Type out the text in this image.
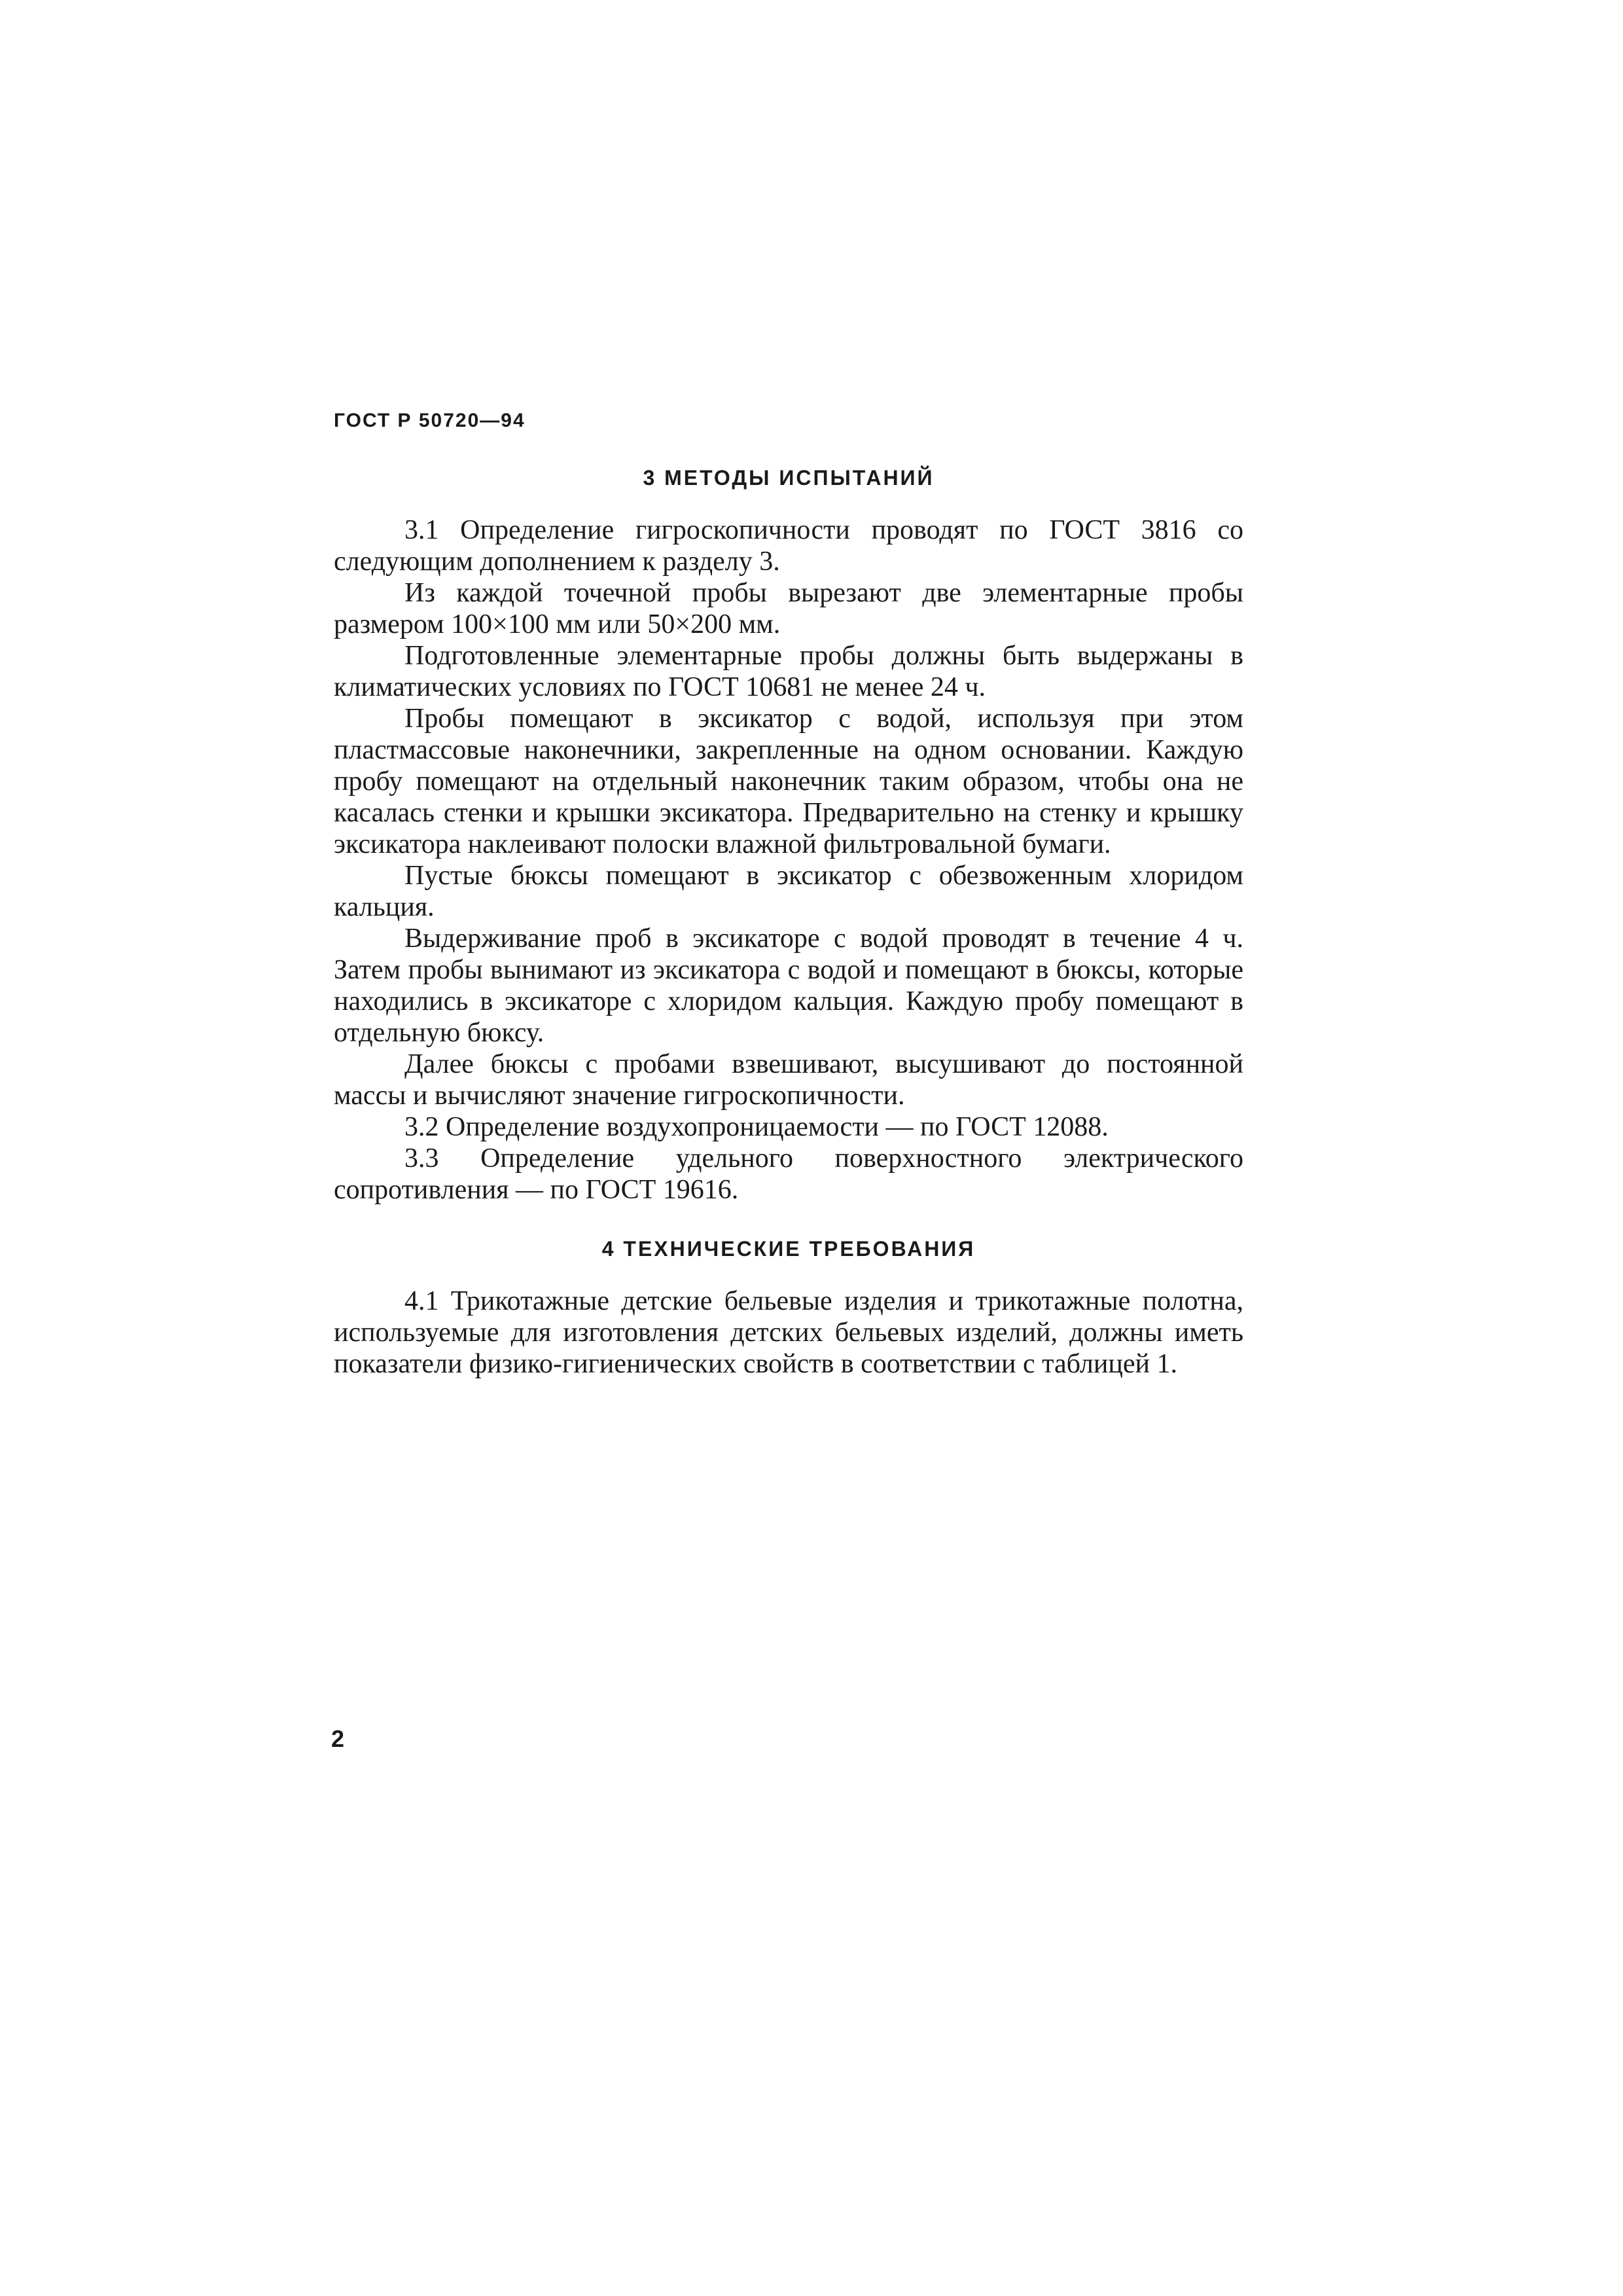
ГОСТ Р 50720—94
3 МЕТОДЫ ИСПЫТАНИЙ

3.1 Определение гигроскопичности проводят по ГОСТ 3816 со следующим дополнением к разделу 3.

Из каждой точечной пробы вырезают две элементарные пробы размером 100×100 мм или 50×200 мм.

Подготовленные элементарные пробы должны быть выдержаны в климатических условиях по ГОСТ 10681 не менее 24 ч.

Пробы помещают в эксикатор с водой, используя при этом пластмассовые наконечники, закрепленные на одном основании. Каждую пробу помещают на отдельный наконечник таким образом, чтобы она не касалась стенки и крышки эксикатора. Предварительно на стенку и крышку эксикатора наклеивают полоски влажной фильтровальной бумаги.

Пустые бюксы помещают в эксикатор с обезвоженным хлоридом кальция.

Выдерживание проб в эксикаторе с водой проводят в течение 4 ч. Затем пробы вынимают из эксикатора с водой и помещают в бюксы, которые находились в эксикаторе с хлоридом кальция. Каждую пробу помещают в отдельную бюксу.

Далее бюксы с пробами взвешивают, высушивают до постоянной массы и вычисляют значение гигроскопичности.

3.2 Определение воздухопроницаемости — по ГОСТ 12088.

3.3 Определение удельного поверхностного электрического сопротивления — по ГОСТ 19616.

4 ТЕХНИЧЕСКИЕ ТРЕБОВАНИЯ

4.1 Трикотажные детские бельевые изделия и трикотажные полотна, используемые для изготовления детских бельевых изделий, должны иметь показатели физико-гигиенических свойств в соответствии с таблицей 1.

2
